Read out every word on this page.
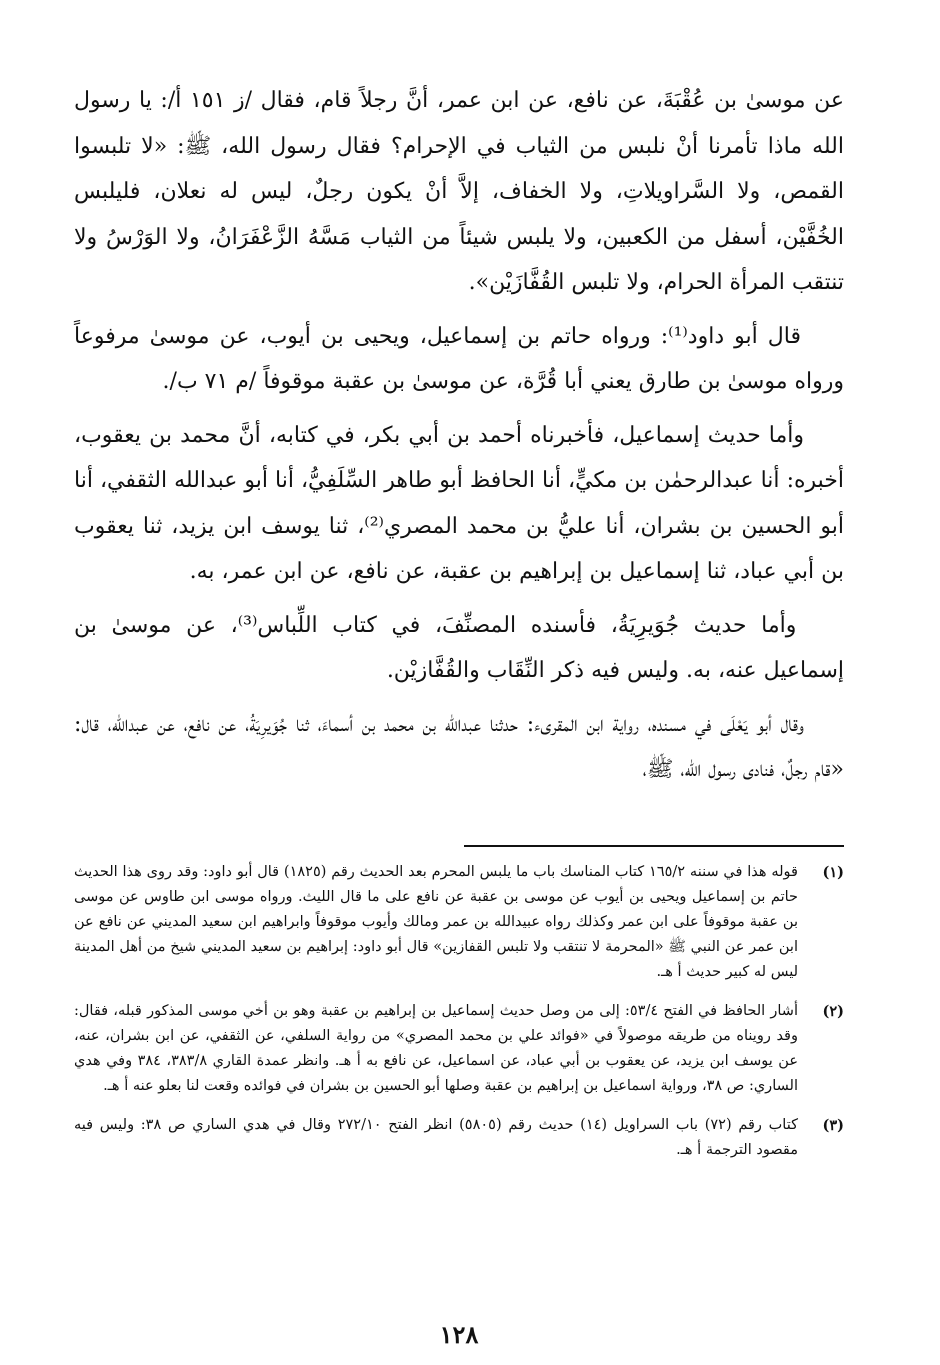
عن موسىٰ بن عُقْبَةَ، عن نافع، عن ابن عمر، أنَّ رجلاً قام، فقال /ز ١٥١ أ/: يا رسول الله ماذا تأمرنا أنْ نلبس من الثياب في الإحرام؟ فقال رسول الله، ﷺ: «لا تلبسوا القمص، ولا السَّراويلاتِ، ولا الخفاف، إلاَّ أنْ يكون رجلٌ، ليس له نعلان، فليلبس الخُفَّيْن، أسفل من الكعبين، ولا يلبس شيئاً من الثياب مَسَّهُ الزَّعْفَرَانُ، ولا الوَرْسُ ولا تنتقب المرأة الحرام، ولا تلبس القُفَّازَيْن».

قال أبو داود⁽¹⁾: ورواه حاتم بن إسماعيل، ويحيى بن أيوب، عن موسىٰ مرفوعاً ورواه موسىٰ بن طارق يعني أبا قُرَّة، عن موسىٰ بن عقبة موقوفاً /م ٧١ ب/.

وأما حديث إسماعيل، فأخبرناه أحمد بن أبي بكر، في كتابه، أنَّ محمد بن يعقوب، أخبره: أنا عبدالرحمٰن بن مكيٍّ، أنا الحافظ أبو طاهر السِّلَفِيُّ، أنا أبو عبدالله الثقفي، أنا أبو الحسين بن بشران، أنا عليُّ بن محمد المصري⁽²⁾، ثنا يوسف ابن يزيد، ثنا يعقوب بن أبي عباد، ثنا إسماعيل بن إبراهيم بن عقبة، عن نافع، عن ابن عمر، به.

وأما حديث جُوَيرِيَةُ، فأسنده المصنِّفَ، في كتاب اللِّباس⁽³⁾، عن موسىٰ بن إسماعيل عنه، به. وليس فيه ذكر النِّقَاب والقُفَّازيْن.

وقال أبو يَعْلَى في مسنده، رواية ابن المقرىء: حدثنا عبدالله بن محمد بن أسماءَ، ثنا جُوَيرِيَةُ، عن نافع، عن عبدالله، قال: «قام رجلٌ، فنادى رسول الله، ﷺ،

(١)
قوله هذا في سننه ١٦٥/٢ كتاب المناسك باب ما يلبس المحرم بعد الحديث رقم (١٨٢٥) قال أبو داود: وقد روى هذا الحديث حاتم بن إسماعيل ويحيى بن أيوب عن موسى بن عقبة عن نافع على ما قال الليث. ورواه موسى ابن طاوس عن موسى بن عقبة موقوفاً على ابن عمر وكذلك رواه عبيدالله بن عمر ومالك وأيوب موقوفاً وابراهيم ابن سعيد المديني عن نافع عن ابن عمر عن النبي ﷺ «المحرمة لا تنتقب ولا تلبس القفازين» قال أبو داود: إبراهيم بن سعيد المديني شيخ من أهل المدينة ليس له كبير حديث أ هـ.
(٢)
أشار الحافظ في الفتح ٥٣/٤: إلى من وصل حديث إسماعيل بن إبراهيم بن عقبة وهو بن أخي موسى المذكور قبله، فقال: وقد رويناه من طريقه موصولاً في «فوائد علي بن محمد المصري» من رواية السلفي، عن الثقفي، عن ابن بشران، عنه، عن يوسف ابن يزيد، عن يعقوب بن أبي عباد، عن اسماعيل، عن نافع به أ هـ. وانظر عمدة القاري ٣٨٣/٨، ٣٨٤ وفي هدي الساري: ص ٣٨، ورواية اسماعيل بن إبراهيم بن عقبة وصلها أبو الحسين بن بشران في فوائده وقعت لنا بعلو عنه أ هـ.
(٣)
كتاب رقم (٧٢) باب السراويل (١٤) حديث رقم (٥٨٠٥) انظر الفتح ٢٧٢/١٠ وقال في هدي الساري ص ٣٨: وليس فيه مقصود الترجمة أ هـ.
١٢٨
